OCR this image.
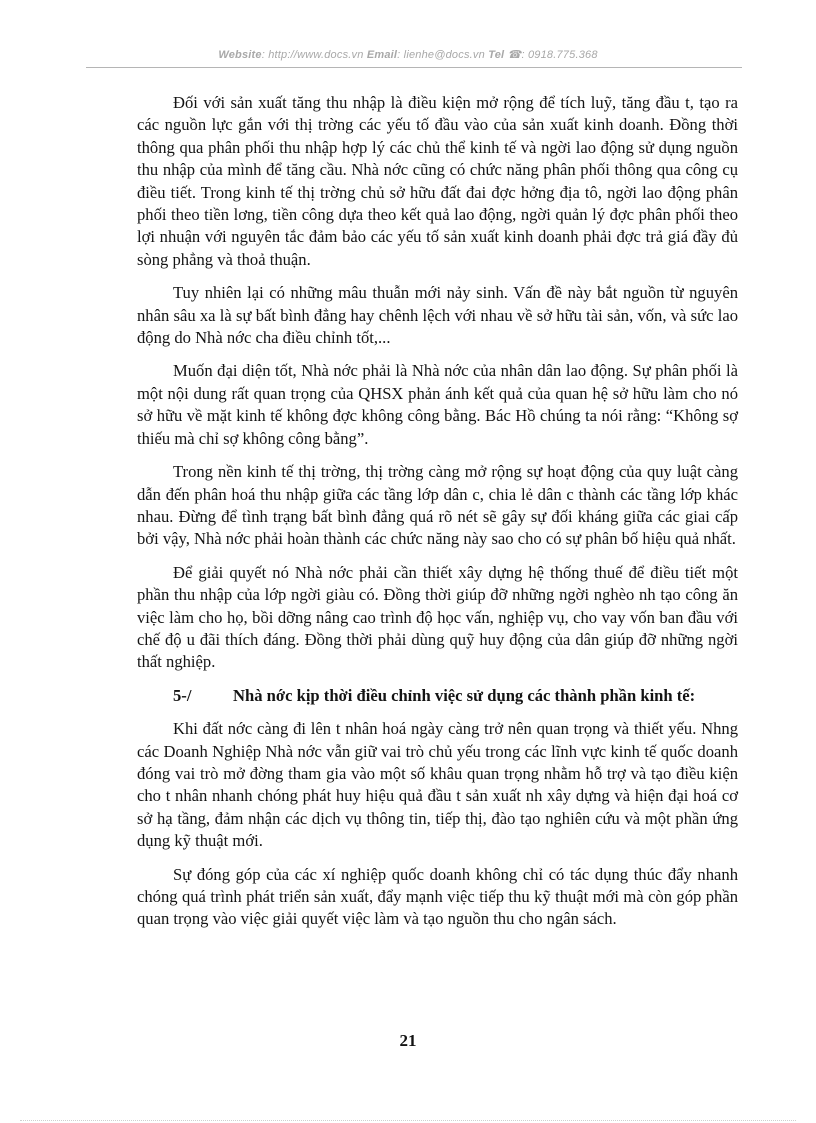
Website: http://www.docs.vn Email: lienhe@docs.vn Tel ☎: 0918.775.368

Đối với sản xuất tăng thu nhập là điều kiện mở rộng để tích luỹ, tăng đầu t, tạo ra các nguồn lực gắn với thị trờng các yếu tố đầu vào của sản xuất kinh doanh. Đồng thời thông qua phân phối thu nhập hợp lý các chủ thể kinh tế và ngời lao động sử dụng nguồn thu nhập của mình để tăng cầu. Nhà nớc cũng có chức năng phân phối thông qua công cụ điều tiết. Trong kinh tế thị trờng chủ sở hữu đất đai đợc hởng địa tô, ngời lao động phân phối theo tiền lơng, tiền công dựa theo kết quả lao động, ngời quản lý đợc phân phối theo lợi nhuận với nguyên tắc đảm bảo các yếu tố sản xuất kinh doanh phải đợc trả giá đầy đủ sòng phẳng và thoả thuận.

Tuy nhiên lại có những mâu thuẫn mới nảy sinh. Vấn đề này bắt nguồn từ nguyên nhân sâu xa là sự bất bình đẳng hay chênh lệch với nhau về sở hữu tài sản, vốn, và sức lao động do Nhà nớc cha điều chỉnh tốt,...

Muốn đại diện tốt, Nhà nớc phải là Nhà nớc của nhân dân lao động. Sự phân phối là một nội dung rất quan trọng của QHSX phản ánh kết quả của quan hệ sở hữu làm cho nó sở hữu về mặt kinh tế không đợc không công bằng. Bác Hồ chúng ta nói rằng: “Không sợ thiếu mà chỉ sợ không công bằng”.

Trong nền kinh tế thị trờng, thị trờng càng mở rộng sự hoạt động của quy luật càng dẫn đến phân hoá thu nhập giữa các tầng lớp dân c, chia lẻ dân c thành các tầng lớp khác nhau. Đừng để tình trạng bất bình đẳng quá rõ nét sẽ gây sự đối kháng giữa các giai cấp bởi vậy, Nhà nớc phải hoàn thành các chức năng này sao cho có sự phân bố hiệu quả nhất.

Để giải quyết nó Nhà nớc phải cần thiết xây dựng hệ thống thuế để điều tiết một phần thu nhập của lớp ngời giàu có. Đồng thời giúp đỡ những ngời nghèo nh tạo công ăn việc làm cho họ, bồi dỡng nâng cao trình độ học vấn, nghiệp vụ, cho vay vốn ban đầu với chế độ u đãi thích đáng. Đồng thời phải dùng quỹ huy động của dân giúp đỡ những ngời thất nghiệp.

5-/	Nhà nớc kịp thời điều chỉnh việc sử dụng các thành phần kinh tế:

Khi đất nớc càng đi lên t nhân hoá ngày càng trở nên quan trọng và thiết yếu. Nhng các Doanh Nghiệp Nhà nớc vẫn giữ vai trò chủ yếu trong các lĩnh vực kinh tế quốc doanh đóng vai trò mở đờng tham gia vào một số khâu quan trọng nhằm hỗ trợ và tạo điều kiện cho t nhân nhanh chóng phát huy hiệu quả đầu t sản xuất nh xây dựng và hiện đại hoá cơ sở hạ tầng, đảm nhận các dịch vụ thông tin, tiếp thị, đào tạo nghiên cứu và một phần ứng dụng kỹ thuật mới.

Sự đóng góp của các xí nghiệp quốc doanh không chỉ có tác dụng thúc đẩy nhanh chóng quá trình phát triển sản xuất, đẩy mạnh việc tiếp thu kỹ thuật mới mà còn góp phần quan trọng vào việc giải quyết việc làm và tạo nguồn thu cho ngân sách.

21
